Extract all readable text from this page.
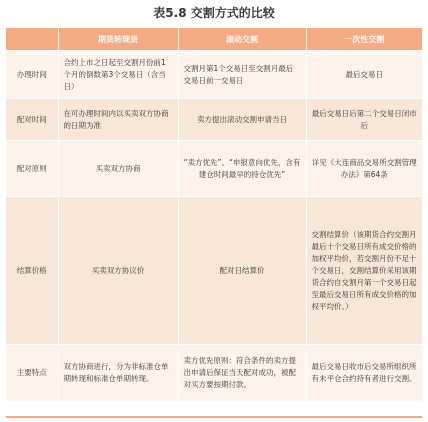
表5.8 交割方式的比较
	期货转现货	滚动交割	一次性交割
办理时间	合约上市之日起至交割月份前1个月的倒数第3个交易日（含当日）	交割月第1个交易日至交割月最后交易日前一交易日	最后交易日
配对时间	在可办理时间内以买卖双方协商的日期为准	卖方提出滚动交割申请当日	最后交易日后第二个交易日闭市后
配对原则	买卖双方协商	“卖方优先”、“申报意向优先、含有建仓时间最早的持仓优先”	详见《大连商品交易所交割管理办法》第64条
结算价格	买卖双方协议价	配对日结算价	交割结算价（该期货合约交割月最后十个交易日所有成交价格的加权平均价，若交割月份不足十个交易日，交割结算价采用该期货合约自交割月第一个交易日起至最后交易日所有成交价格的加权平均价。）
主要特点	双方协商进行，分为非标准仓单期转现和标准仓单期转现。	卖方优先原则：符合条件的卖方提出申请后保证当天配对成功，被配对买方要按期付款。	最后交易日收市后交易所组织所有未平仓合约持有者进行交割。
